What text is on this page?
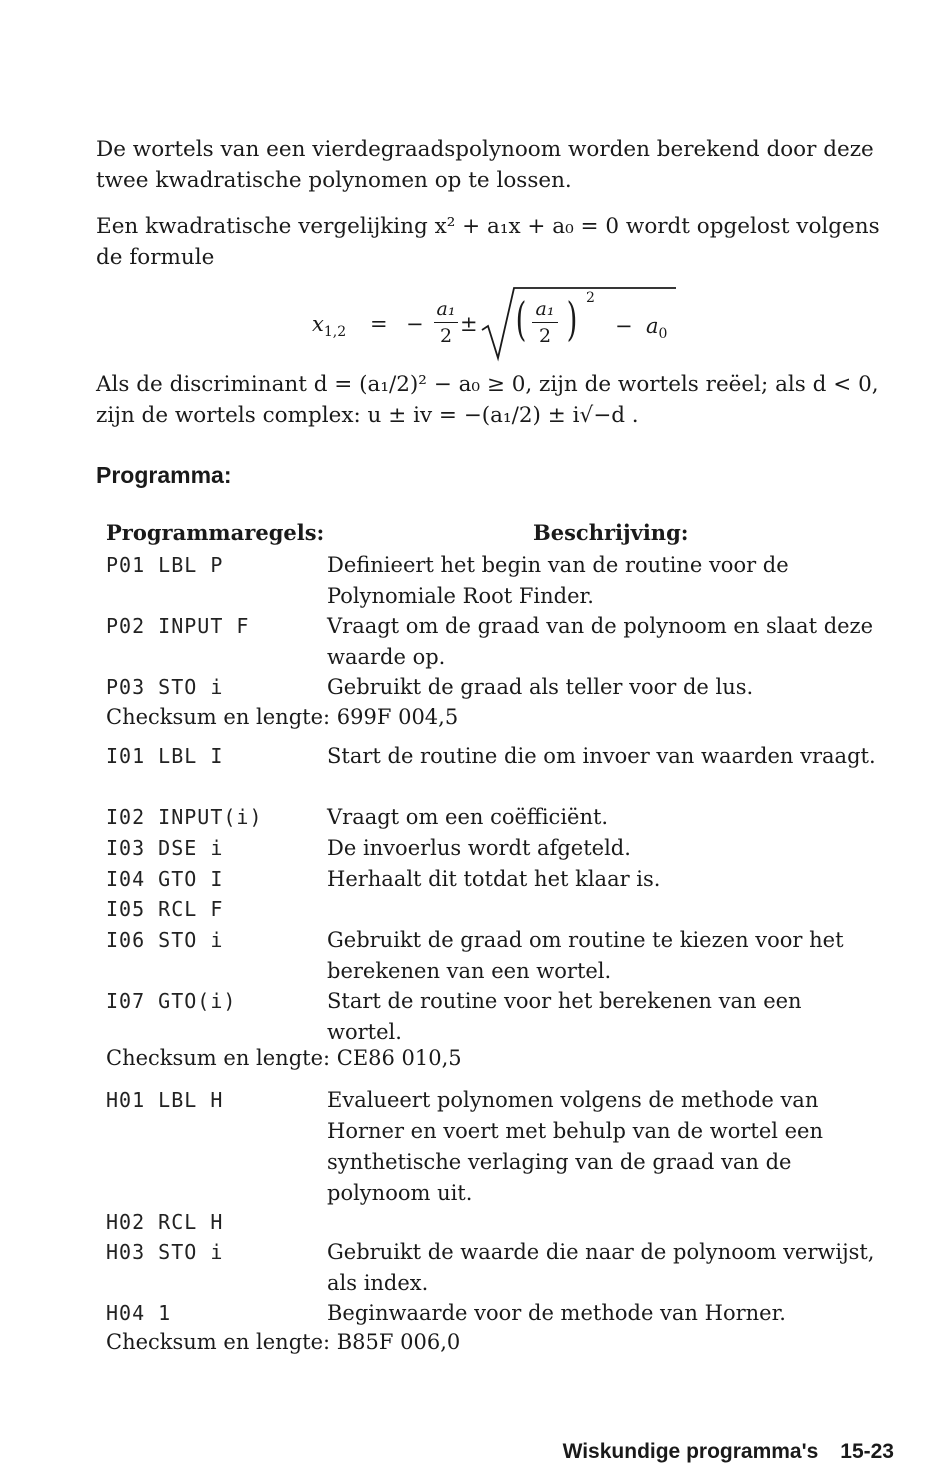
De wortels van een vierdegraadspolynoom worden berekend door deze twee kwadratische polynomen op te lossen.

Een kwadratische vergelijking x² + a₁x + a₀ = 0 wordt opgelost volgens de formule

$x_{1,2}$ = −
a₁
2 ± ( a₁
2 ) 2
− $a_0$

Als de discriminant d = (a₁/2)² − a₀ ≥ 0, zijn de wortels reëel; als d < 0, zijn de wortels complex: u ± iv = −(a₁/2) ± i√−d .

Programma:
Programmaregels:	Beschrijving:
P01 LBL P	Definieert het begin van de routine voor de Polynomiale Root Finder.
P02 INPUT F	Vraagt om de graad van de polynoom en slaat deze waarde op.
P03 STO i	Gebruikt de graad als teller voor de lus.
Checksum en lengte: 699F 004,5
I01 LBL I	Start de routine die om invoer van waarden vraagt.
I02 INPUT(i)	Vraagt om een coëfficiënt.
I03 DSE i	De invoerlus wordt afgeteld.
I04 GTO I	Herhaalt dit totdat het klaar is.
I05 RCL F
I06 STO i	Gebruikt de graad om routine te kiezen voor het berekenen van een wortel.
I07 GTO(i)	Start de routine voor het berekenen van een wortel.
Checksum en lengte: CE86 010,5
H01 LBL H	Evalueert polynomen volgens de methode van Horner en voert met behulp van de wortel een synthetische verlaging van de graad van de polynoom uit.
H02 RCL H
H03 STO i	Gebruikt de waarde die naar de polynoom verwijst, als index.
H04 1	Beginwaarde voor de methode van Horner.
Checksum en lengte: B85F 006,0
Wiskundige programma's 15-23
